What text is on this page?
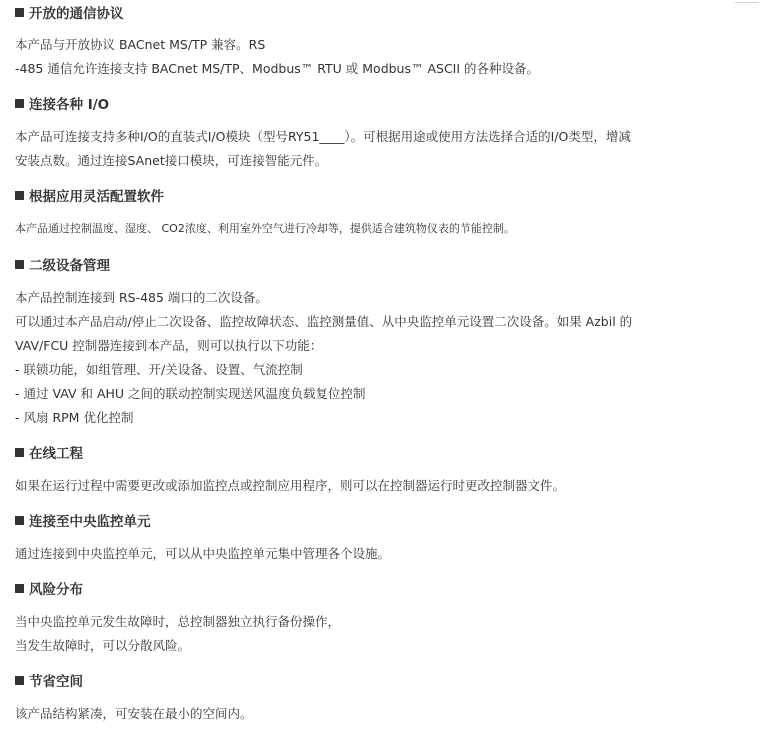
开放的通信协议
本产品与开放协议 BACnet MS/TP 兼容。RS
-485 通信允许连接支持 BACnet MS/TP、Modbus™ RTU 或 Modbus™ ASCII 的各种设备。
连接各种 I/O
本产品可连接支持多种I/O的直装式I/O模块（型号RY51____）。可根据用途或使用方法选择合适的I/O类型，增减
安装点数。通过连接SAnet接口模块，可连接智能元件。
根据应用灵活配置软件
本产品通过控制温度、湿度、 CO2浓度、利用室外空气进行冷却等，提供适合建筑物仪表的节能控制。
二级设备管理
本产品控制连接到 RS-485 端口的二次设备。
可以通过本产品启动/停止二次设备、监控故障状态、监控测量值、从中央监控单元设置二次设备。如果 Azbil 的
VAV/FCU 控制器连接到本产品，则可以执行以下功能：
- 联锁功能，如组管理、开/关设备、设置、气流控制
- 通过 VAV 和 AHU 之间的联动控制实现送风温度负载复位控制
- 风扇 RPM 优化控制
在线工程
如果在运行过程中需要更改或添加监控点或控制应用程序，则可以在控制器运行时更改控制器文件。
连接至中央监控单元
通过连接到中央监控单元，可以从中央监控单元集中管理各个设施。
风险分布
当中央监控单元发生故障时，总控制器独立执行备份操作，
当发生故障时，可以分散风险。
节省空间
该产品结构紧凑，可安装在最小的空间内。
